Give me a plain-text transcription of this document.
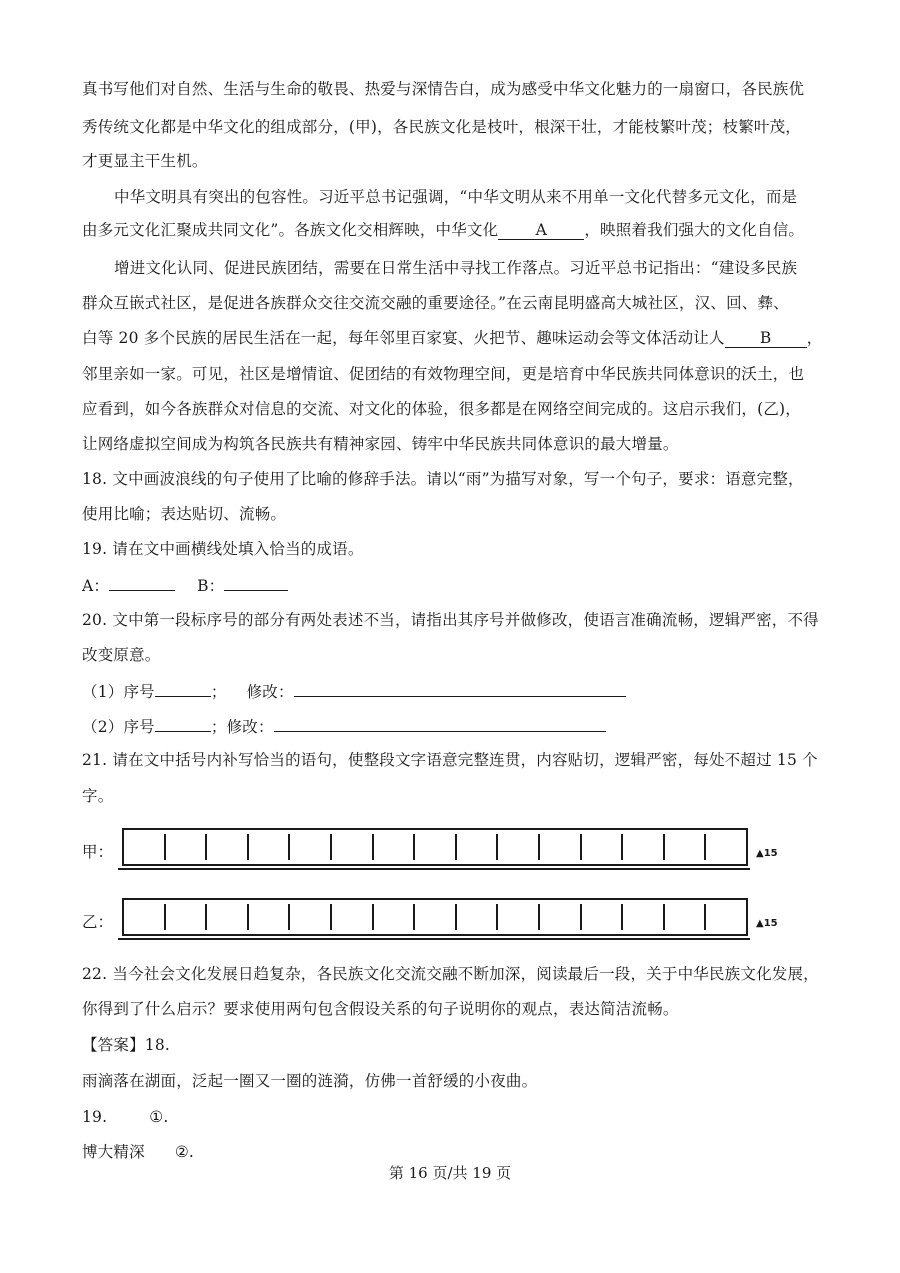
真书写他们对自然、生活与生命的敬畏、热爱与深情告白，成为感受中华文化魅力的一扇窗口，各民族优
秀传统文化都是中华文化的组成部分，(甲)，各民族文化是枝叶，根深干壮，才能枝繁叶茂；枝繁叶茂，
才更显主干生机。
中华文明具有突出的包容性。习近平总书记强调，“中华文明从来不用单一文化代替多元文化，而是
由多元文化汇聚成共同文化”。各族文化交相辉映，中华文化 A ，映照着我们强大的文化自信。
增进文化认同、促进民族团结，需要在日常生活中寻找工作落点。习近平总书记指出：“建设多民族
群众互嵌式社区，是促进各族群众交往交流交融的重要途径。”在云南昆明盛高大城社区，汉、回、彝、
白等 20 多个民族的居民生活在一起，每年邻里百家宴、火把节、趣味运动会等文体活动让人 B ，
邻里亲如一家。可见，社区是增情谊、促团结的有效物理空间，更是培育中华民族共同体意识的沃土，也
应看到，如今各族群众对信息的交流、对文化的体验，很多都是在网络空间完成的。这启示我们，(乙)，
让网络虚拟空间成为构筑各民族共有精神家园、铸牢中华民族共同体意识的最大增量。
18. 文中画波浪线的句子使用了比喻的修辞手法。请以“雨”为描写对象，写一个句子，要求：语意完整，
使用比喻；表达贴切、流畅。
19. 请在文中画横线处填入恰当的成语。
A：	B：
20. 文中第一段标序号的部分有两处表述不当，请指出其序号并做修改，使语言准确流畅，逻辑严密，不得
改变原意。
（1）序号	； 修改：
（2）序号	；修改：
21. 请在文中括号内补写恰当的语句，使整段文字语意完整连贯，内容贴切，逻辑严密，每处不超过 15 个
字。
甲：	▲15
乙：	▲15
22. 当今社会文化发展日趋复杂，各民族文化交流交融不断加深，阅读最后一段，关于中华民族文化发展，
你得到了什么启示？要求使用两句包含假设关系的句子说明你的观点，表达简洁流畅。
【答案】18.
雨滴落在湖面，泛起一圈又一圈的涟漪，仿佛一首舒缓的小夜曲。
19.	①.
博大精深 ②.
第 16 页/共 19 页
